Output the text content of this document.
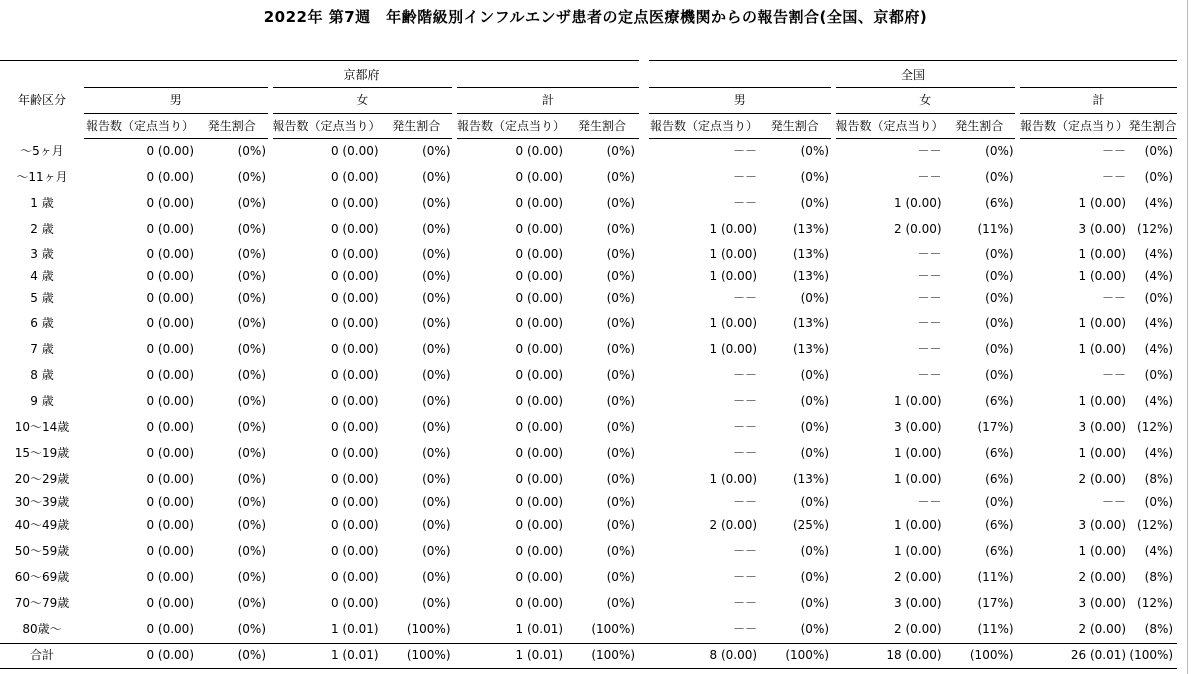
2022年 第7週　年齢階級別インフルエンザ患者の定点医療機関からの報告割合(全国、京都府)

年齢区分	京都府							全国					
	男		女		計			男		女		計	
	報告数（定点当り）	発生割合	報告数（定点当り）	発生割合	報告数（定点当り）	発生割合		報告数（定点当り）	発生割合	報告数（定点当り）	発生割合	報告数（定点当り）	発生割合
～5ヶ月	0 (0.00)	(0%)	0 (0.00)	(0%)	0 (0.00)	(0%)		－－	(0%)	－－	(0%)	－－	(0%)
～11ヶ月	0 (0.00)	(0%)	0 (0.00)	(0%)	0 (0.00)	(0%)		－－	(0%)	－－	(0%)	－－	(0%)
1 歳	0 (0.00)	(0%)	0 (0.00)	(0%)	0 (0.00)	(0%)		－－	(0%)	1 (0.00)	(6%)	1 (0.00)	(4%)
2 歳	0 (0.00)	(0%)	0 (0.00)	(0%)	0 (0.00)	(0%)		1 (0.00)	(13%)	2 (0.00)	(11%)	3 (0.00)	(12%)
3 歳	0 (0.00)	(0%)	0 (0.00)	(0%)	0 (0.00)	(0%)		1 (0.00)	(13%)	－－	(0%)	1 (0.00)	(4%)
4 歳	0 (0.00)	(0%)	0 (0.00)	(0%)	0 (0.00)	(0%)		1 (0.00)	(13%)	－－	(0%)	1 (0.00)	(4%)
5 歳	0 (0.00)	(0%)	0 (0.00)	(0%)	0 (0.00)	(0%)		－－	(0%)	－－	(0%)	－－	(0%)
6 歳	0 (0.00)	(0%)	0 (0.00)	(0%)	0 (0.00)	(0%)		1 (0.00)	(13%)	－－	(0%)	1 (0.00)	(4%)
7 歳	0 (0.00)	(0%)	0 (0.00)	(0%)	0 (0.00)	(0%)		1 (0.00)	(13%)	－－	(0%)	1 (0.00)	(4%)
8 歳	0 (0.00)	(0%)	0 (0.00)	(0%)	0 (0.00)	(0%)		－－	(0%)	－－	(0%)	－－	(0%)
9 歳	0 (0.00)	(0%)	0 (0.00)	(0%)	0 (0.00)	(0%)		－－	(0%)	1 (0.00)	(6%)	1 (0.00)	(4%)
10～14歳	0 (0.00)	(0%)	0 (0.00)	(0%)	0 (0.00)	(0%)		－－	(0%)	3 (0.00)	(17%)	3 (0.00)	(12%)
15～19歳	0 (0.00)	(0%)	0 (0.00)	(0%)	0 (0.00)	(0%)		－－	(0%)	1 (0.00)	(6%)	1 (0.00)	(4%)
20～29歳	0 (0.00)	(0%)	0 (0.00)	(0%)	0 (0.00)	(0%)		1 (0.00)	(13%)	1 (0.00)	(6%)	2 (0.00)	(8%)
30～39歳	0 (0.00)	(0%)	0 (0.00)	(0%)	0 (0.00)	(0%)		－－	(0%)	－－	(0%)	－－	(0%)
40～49歳	0 (0.00)	(0%)	0 (0.00)	(0%)	0 (0.00)	(0%)		2 (0.00)	(25%)	1 (0.00)	(6%)	3 (0.00)	(12%)
50～59歳	0 (0.00)	(0%)	0 (0.00)	(0%)	0 (0.00)	(0%)		－－	(0%)	1 (0.00)	(6%)	1 (0.00)	(4%)
60～69歳	0 (0.00)	(0%)	0 (0.00)	(0%)	0 (0.00)	(0%)		－－	(0%)	2 (0.00)	(11%)	2 (0.00)	(8%)
70～79歳	0 (0.00)	(0%)	0 (0.00)	(0%)	0 (0.00)	(0%)		－－	(0%)	3 (0.00)	(17%)	3 (0.00)	(12%)
80歳～	0 (0.00)	(0%)	1 (0.01)	(100%)	1 (0.01)	(100%)		－－	(0%)	2 (0.00)	(11%)	2 (0.00)	(8%)
合計	0 (0.00)	(0%)	1 (0.01)	(100%)	1 (0.01)	(100%)		8 (0.00)	(100%)	18 (0.00)	(100%)	26 (0.01)	(100%)
